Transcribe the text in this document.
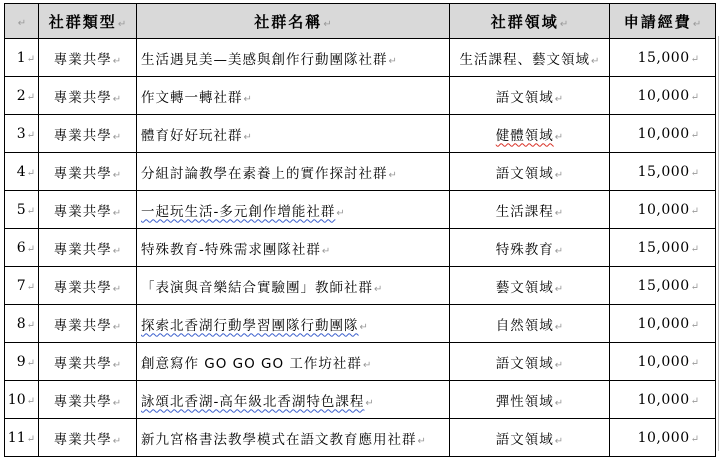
↵	社群類型↵	社群名稱↵	社群領域↵	申請經費↵
1↵	專業共學↵	生活遇見美—美感與創作行動團隊社群↵	生活課程、藝文領域↵	15,000↵
2↵	專業共學↵	作文轉一轉社群↵	語文領域↵	10,000↵
3↵	專業共學↵	體育好好玩社群↵	健體領域↵	10,000↵
4↵	專業共學↵	分組討論教學在素養上的實作探討社群↵	語文領域↵	15,000↵
5↵	專業共學↵	一起玩生活-多元創作增能社群↵	生活課程↵	10,000↵
6↵	專業共學↵	特殊教育-特殊需求團隊社群↵	特殊教育↵	15,000↵
7↵	專業共學↵	「表演與音樂結合實驗團」教師社群↵	藝文領域↵	15,000↵
8↵	專業共學↵	探索北香湖行動學習團隊行動團隊↵	自然領域↵	10,000↵
9↵	專業共學↵	創意寫作 GO GO GO 工作坊社群↵	語文領域↵	10,000↵
10↵	專業共學↵	詠頌北香湖-高年級北香湖特色課程↵	彈性領域↵	10,000↵
11↵	專業共學↵	新九宮格書法教學模式在語文教育應用社群↵	語文領域↵	10,000↵
